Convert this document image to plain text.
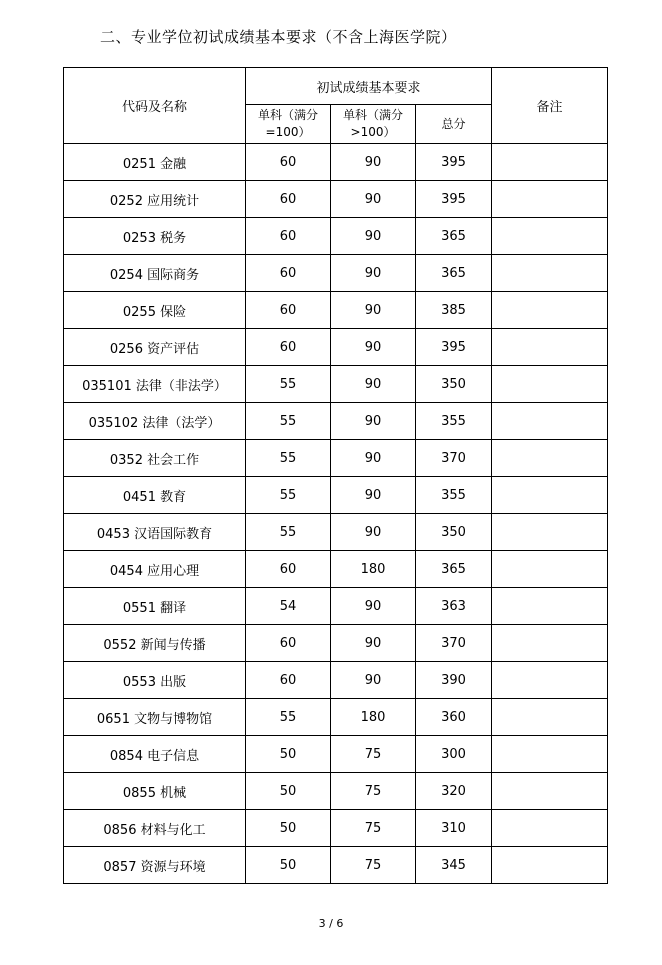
二、专业学位初试成绩基本要求（不含上海医学院）
代码及名称	初试成绩基本要求			备注
	单科（满分=100）	单科（满分>100）	总分	
0251 金融	60	90	395	
0252 应用统计	60	90	395	
0253 税务	60	90	365	
0254 国际商务	60	90	365	
0255 保险	60	90	385	
0256 资产评估	60	90	395	
035101 法律（非法学）	55	90	350	
035102 法律（法学）	55	90	355	
0352 社会工作	55	90	370	
0451 教育	55	90	355	
0453 汉语国际教育	55	90	350	
0454 应用心理	60	180	365	
0551 翻译	54	90	363	
0552 新闻与传播	60	90	370	
0553 出版	60	90	390	
0651 文物与博物馆	55	180	360	
0854 电子信息	50	75	300	
0855 机械	50	75	320	
0856 材料与化工	50	75	310	
0857 资源与环境	50	75	345	
3 / 6
